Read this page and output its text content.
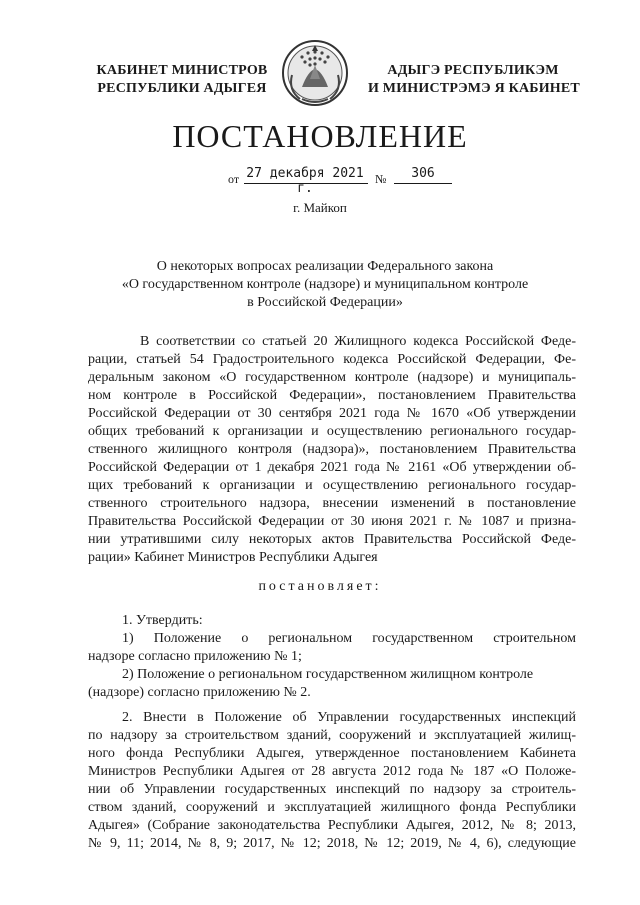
КАБИНЕТ МИНИСТРОВ
РЕСПУБЛИКИ АДЫГЕЯ
АДЫГЭ РЕСПУБЛИКЭМ
И МИНИСТРЭМЭ Я КАБИНЕТ
ПОСТАНОВЛЕНИЕ
от 27 декабря 2021 г.
№	306
г. Майкоп
О некоторых вопросах реализации Федерального закона
«О государственном контроле (надзоре) и муниципальном контроле
в Российской Федерации»
В соответствии со статьей 20 Жилищного кодекса Российской Феде-
рации, статьей 54 Градостроительного кодекса Российской Федерации, Фе-
деральным законом «О государственном контроле (надзоре) и муниципаль-
ном контроле в Российской Федерации», постановлением Правительства
Российской Федерации от 30 сентября 2021 года № 1670 «Об утверждении
общих требований к организации и осуществлению регионального государ-
ственного жилищного контроля (надзора)», постановлением Правительства
Российской Федерации от 1 декабря 2021 года № 2161 «Об утверждении об-
щих требований к организации и осуществлению регионального государ-
ственного строительного надзора, внесении изменений в постановление
Правительства Российской Федерации от 30 июня 2021 г. № 1087 и призна-
нии утратившими силу некоторых актов Правительства Российской Феде-
рации» Кабинет Министров Республики Адыгея
постановляет:
1. Утвердить:
1) Положение о региональном государственном строительном
надзоре согласно приложению № 1;
2) Положение о региональном государственном жилищном контроле
(надзоре) согласно приложению № 2.
2. Внести в Положение об Управлении государственных инспекций
по надзору за строительством зданий, сооружений и эксплуатацией жилищ-
ного фонда Республики Адыгея, утвержденное постановлением Кабинета
Министров Республики Адыгея от 28 августа 2012 года № 187 «О Положе-
нии об Управлении государственных инспекций по надзору за строитель-
ством зданий, сооружений и эксплуатацией жилищного фонда Республики
Адыгея» (Собрание законодательства Республики Адыгея, 2012, № 8; 2013,
№ 9, 11; 2014, № 8, 9; 2017, № 12; 2018, № 12; 2019, № 4, 6), следующие
